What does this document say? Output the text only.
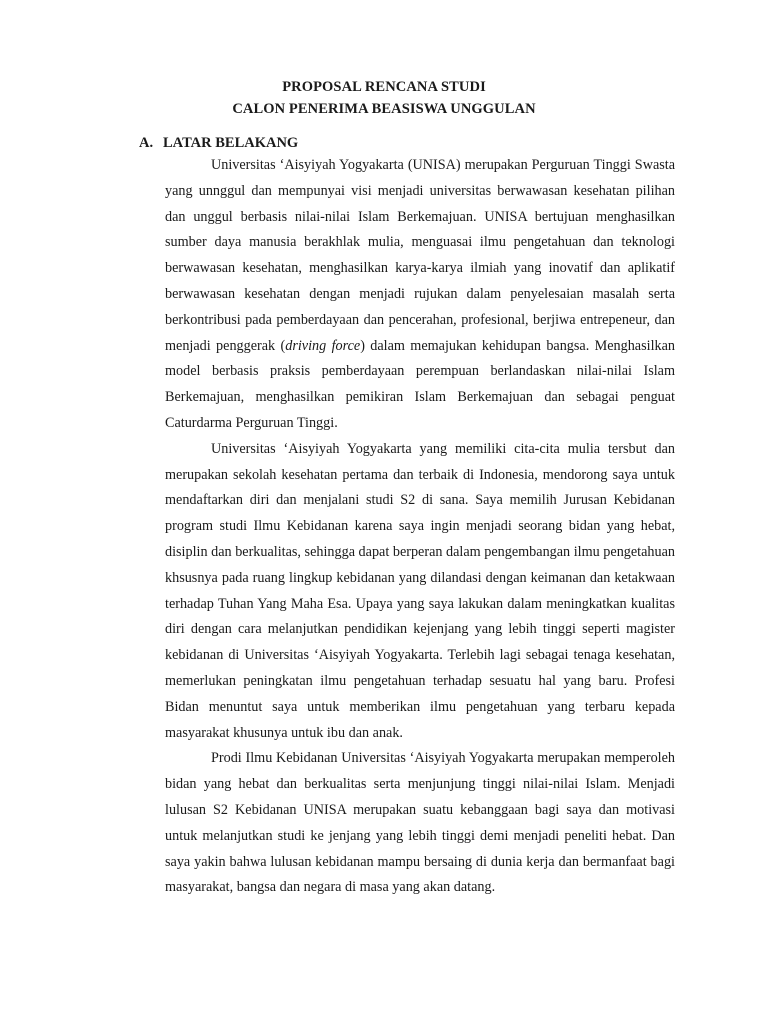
PROPOSAL RENCANA STUDI

CALON PENERIMA BEASISWA UNGGULAN

A. LATAR BELAKANG

Universitas ‘Aisyiyah Yogyakarta (UNISA) merupakan Perguruan Tinggi Swasta yang unnggul dan mempunyai visi menjadi universitas berwawasan kesehatan pilihan dan unggul berbasis nilai-nilai Islam Berkemajuan. UNISA bertujuan menghasilkan sumber daya manusia berakhlak mulia, menguasai ilmu pengetahuan dan teknologi berwawasan kesehatan, menghasilkan karya-karya ilmiah yang inovatif dan aplikatif berwawasan kesehatan dengan menjadi rujukan dalam penyelesaian masalah serta berkontribusi pada pemberdayaan dan pencerahan, profesional, berjiwa entrepeneur, dan menjadi penggerak (driving force) dalam memajukan kehidupan bangsa. Menghasilkan model berbasis praksis pemberdayaan perempuan berlandaskan nilai-nilai Islam Berkemajuan, menghasilkan pemikiran Islam Berkemajuan dan sebagai penguat Caturdarma Perguruan Tinggi.

Universitas ‘Aisyiyah Yogyakarta yang memiliki cita-cita mulia tersbut dan merupakan sekolah kesehatan pertama dan terbaik di Indonesia, mendorong saya untuk mendaftarkan diri dan menjalani studi S2 di sana. Saya memilih Jurusan Kebidanan program studi Ilmu Kebidanan karena saya ingin menjadi seorang bidan yang hebat, disiplin dan berkualitas, sehingga dapat berperan dalam pengembangan ilmu pengetahuan khsusnya pada ruang lingkup kebidanan yang dilandasi dengan keimanan dan ketakwaan terhadap Tuhan Yang Maha Esa. Upaya yang saya lakukan dalam meningkatkan kualitas diri dengan cara melanjutkan pendidikan kejenjang yang lebih tinggi seperti magister kebidanan di Universitas ‘Aisyiyah Yogyakarta. Terlebih lagi sebagai tenaga kesehatan, memerlukan peningkatan ilmu pengetahuan terhadap sesuatu hal yang baru. Profesi Bidan menuntut saya untuk memberikan ilmu pengetahuan yang terbaru kepada masyarakat khusunya untuk ibu dan anak.

Prodi Ilmu Kebidanan Universitas ‘Aisyiyah Yogyakarta merupakan memperoleh bidan yang hebat dan berkualitas serta menjunjung tinggi nilai-nilai Islam. Menjadi lulusan S2 Kebidanan UNISA merupakan suatu kebanggaan bagi saya dan motivasi untuk melanjutkan studi ke jenjang yang lebih tinggi demi menjadi peneliti hebat. Dan saya yakin bahwa lulusan kebidanan mampu bersaing di dunia kerja dan bermanfaat bagi masyarakat, bangsa dan negara di masa yang akan datang.
